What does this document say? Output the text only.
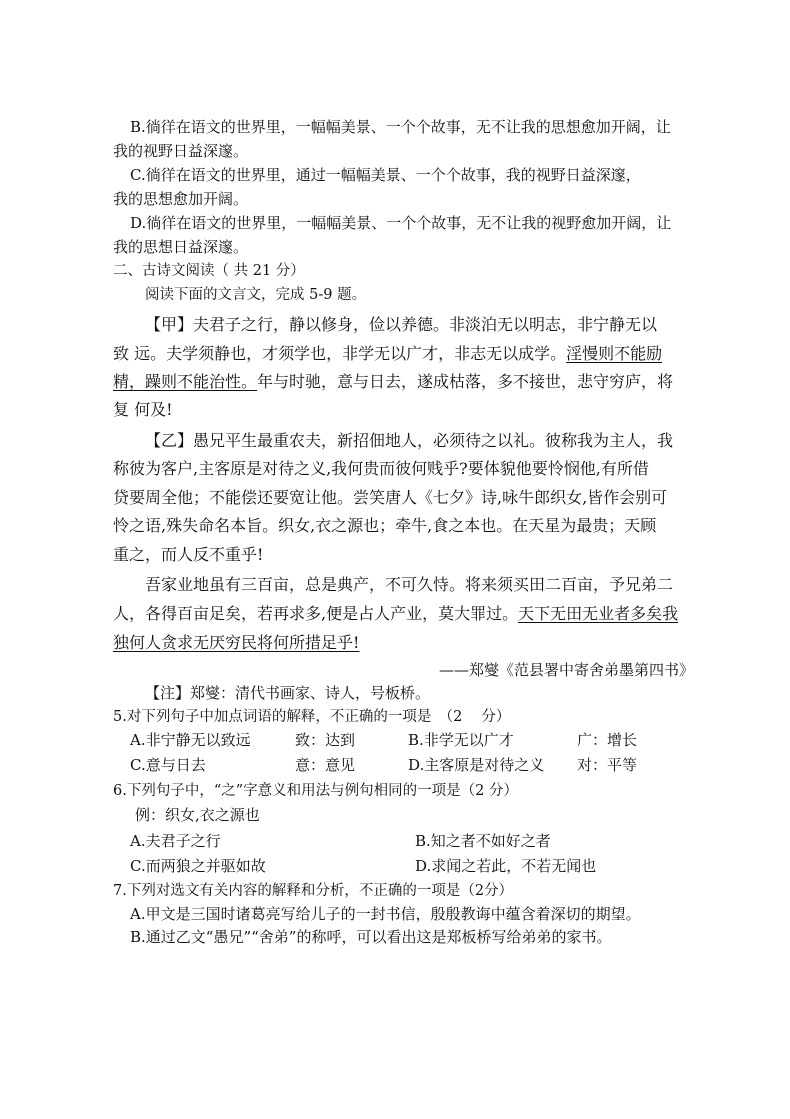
B.徜徉在语文的世界里，一幅幅美景、一个个故事，无不让我的思想愈加开阔，让
我的视野日益深邃。
C.徜徉在语文的世界里，通过一幅幅美景、一个个故事，我的视野日益深邃，
我的思想愈加开阔。
D.徜徉在语文的世界里，一幅幅美景、一个个故事，无不让我的视野愈加开阔，让
我的思想日益深邃。
二、古诗文阅读（ 共 21 分）
阅读下面的文言文，完成 5-9 题。
【甲】夫君子之行，静以修身，俭以养德。非淡泊无以明志，非宁静无以
致 远。夫学须静也，才须学也，非学无以广才，非志无以成学。淫慢则不能励
精，躁则不能治性。年与时驰，意与日去，遂成枯落，多不接世，悲守穷庐，将
复 何及!
【乙】愚兄平生最重农夫，新招佃地人，必须待之以礼。彼称我为主人，我
称彼为客户,主客原是对待之义,我何贵而彼何贱乎?要体貌他要怜悯他,有所借
贷要周全他；不能偿还要宽让他。尝笑唐人《七夕》诗,咏牛郎织女,皆作会别可
怜之语,殊失命名本旨。织女,衣之源也；牵牛,食之本也。在天星为最贵；天顾
重之，而人反不重乎!
吾家业地虽有三百亩，总是典产，不可久恃。将来须买田二百亩，予兄弟二
人，各得百亩足矣，若再求多,便是占人产业，莫大罪过。天下无田无业者多矣我
独何人贪求无厌穷民将何所措足乎!
——郑燮《范县署中寄舍弟墨第四书》
【注】郑燮：清代书画家、诗人，号板桥。
5.对下列句子中加点词语的解释，不正确的一项是　（2　 分）
A.非宁静无以致远	致：达到	B.非学无以广才	广：增长
C.意与日去	意：意见	D.主客原是对待之义 对：平等
6.下列句子中，“之”字意义和用法与例句相同的一项是（2 分）
例：织女,衣之源也
A.夫君子之行	B.知之者不如好之者
C.而两狼之并驱如故	D.求闻之若此，不若无闻也
7.下列对选文有关内容的解释和分析，不正确的一项是（2分）
A.甲文是三国时诸葛亮写给儿子的一封书信，殷殷教诲中蕴含着深切的期望。
B.通过乙文“愚兄”“舍弟”的称呼，可以看出这是郑板桥写给弟弟的家书。
